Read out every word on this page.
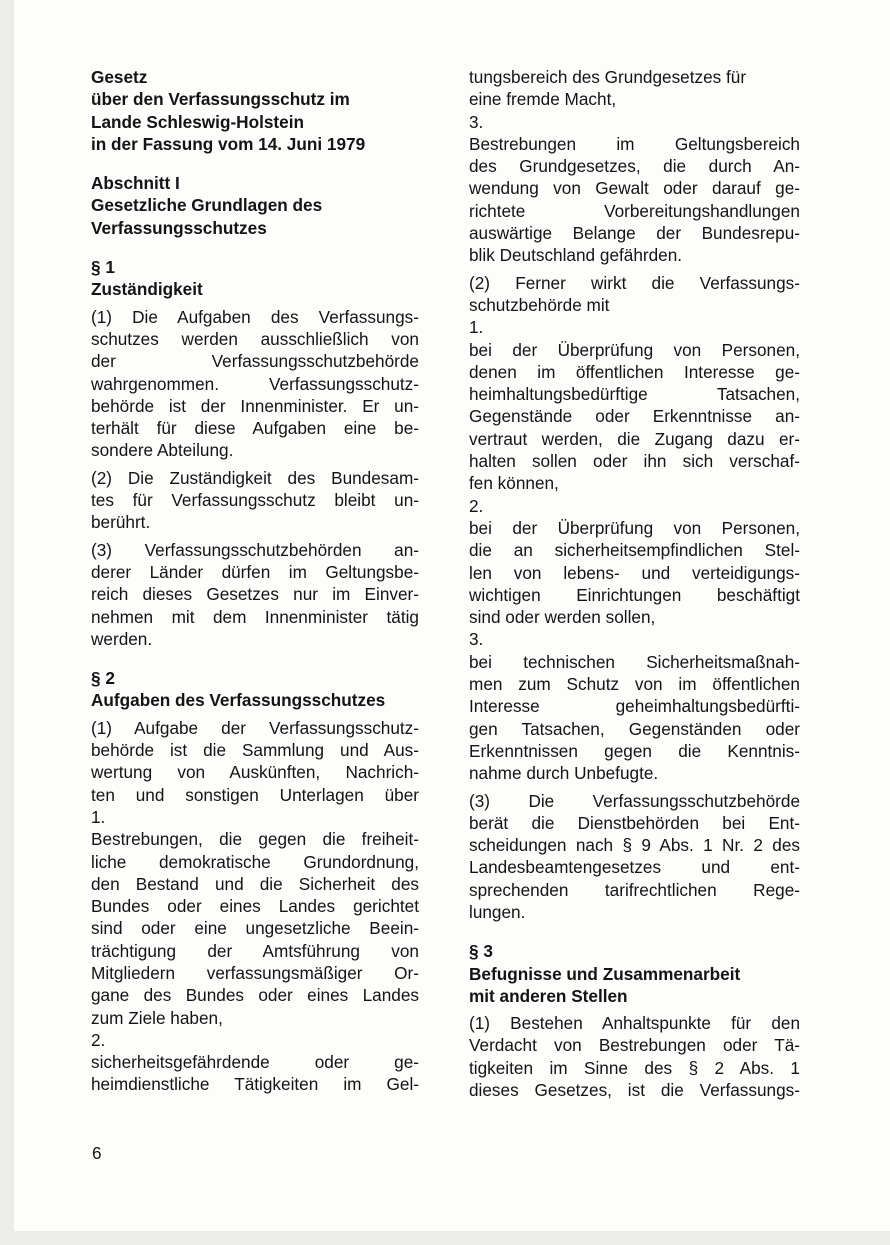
Gesetz
über den Verfassungsschutz im
Lande Schleswig-Holstein
in der Fassung vom 14. Juni 1979
Abschnitt I
Gesetzliche Grundlagen des
Verfassungsschutzes
§ 1
Zuständigkeit
(1) Die Aufgaben des Verfassungs-
schutzes werden ausschließlich von
der Verfassungsschutzbehörde
wahrgenommen. Verfassungsschutz-
behörde ist der Innenminister. Er un-
terhält für diese Aufgaben eine be-
sondere Abteilung.
(2) Die Zuständigkeit des Bundesam-
tes für Verfassungsschutz bleibt un-
berührt.
(3) Verfassungsschutzbehörden an-
derer Länder dürfen im Geltungsbe-
reich dieses Gesetzes nur im Einver-
nehmen mit dem Innenminister tätig
werden.
§ 2
Aufgaben des Verfassungsschutzes
(1) Aufgabe der Verfassungsschutz-
behörde ist die Sammlung und Aus-
wertung von Auskünften, Nachrich-
ten und sonstigen Unterlagen über
1.
Bestrebungen, die gegen die freiheit-
liche demokratische Grundordnung,
den Bestand und die Sicherheit des
Bundes oder eines Landes gerichtet
sind oder eine ungesetzliche Beein-
trächtigung der Amtsführung von
Mitgliedern verfassungsmäßiger Or-
gane des Bundes oder eines Landes
zum Ziele haben,
2.
sicherheitsgefährdende oder ge-
heimdienstliche Tätigkeiten im Gel-
tungsbereich des Grundgesetzes für
eine fremde Macht,
3.
Bestrebungen im Geltungsbereich
des Grundgesetzes, die durch An-
wendung von Gewalt oder darauf ge-
richtete Vorbereitungshandlungen
auswärtige Belange der Bundesrepu-
blik Deutschland gefährden.
(2) Ferner wirkt die Verfassungs-
schutzbehörde mit
1.
bei der Überprüfung von Personen,
denen im öffentlichen Interesse ge-
heimhaltungsbedürftige Tatsachen,
Gegenstände oder Erkenntnisse an-
vertraut werden, die Zugang dazu er-
halten sollen oder ihn sich verschaf-
fen können,
2.
bei der Überprüfung von Personen,
die an sicherheitsempfindlichen Stel-
len von lebens- und verteidigungs-
wichtigen Einrichtungen beschäftigt
sind oder werden sollen,
3.
bei technischen Sicherheitsmaßnah-
men zum Schutz von im öffentlichen
Interesse geheimhaltungsbedürfti-
gen Tatsachen, Gegenständen oder
Erkenntnissen gegen die Kenntnis-
nahme durch Unbefugte.
(3) Die Verfassungsschutzbehörde
berät die Dienstbehörden bei Ent-
scheidungen nach § 9 Abs. 1 Nr. 2 des
Landesbeamtengesetzes und ent-
sprechenden tarifrechtlichen Rege-
lungen.
§ 3
Befugnisse und Zusammenarbeit
mit anderen Stellen
(1) Bestehen Anhaltspunkte für den
Verdacht von Bestrebungen oder Tä-
tigkeiten im Sinne des § 2 Abs. 1
dieses Gesetzes, ist die Verfassungs-
6
